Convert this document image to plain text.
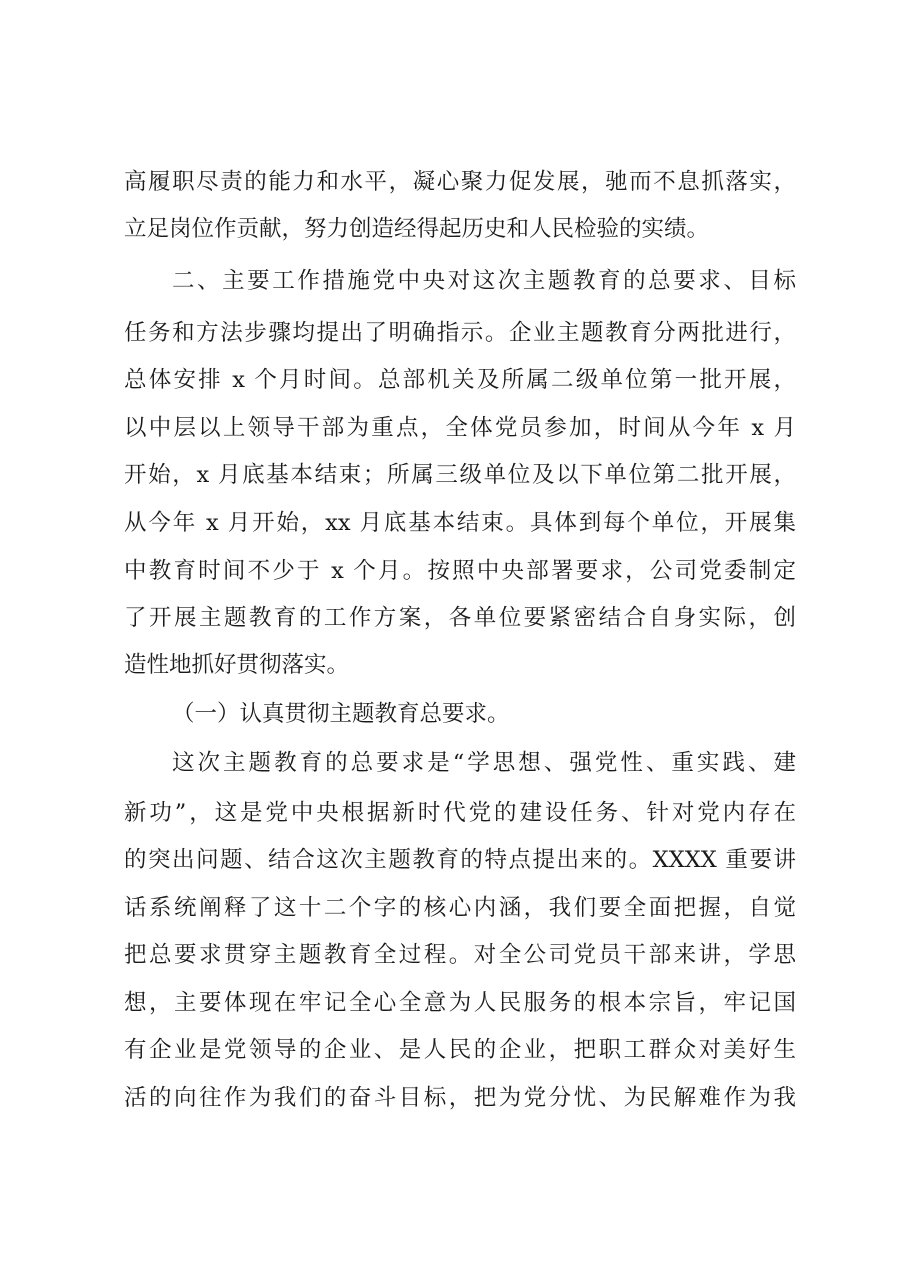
高履职尽责的能力和水平，凝心聚力促发展，驰而不息抓落实，
立足岗位作贡献，努力创造经得起历史和人民检验的实绩。
二、主要工作措施党中央对这次主题教育的总要求、目标
任务和方法步骤均提出了明确指示。企业主题教育分两批进行，
总体安排 x 个月时间。总部机关及所属二级单位第一批开展，
以中层以上领导干部为重点，全体党员参加，时间从今年 x 月
开始，x 月底基本结束；所属三级单位及以下单位第二批开展，
从今年 x 月开始，xx 月底基本结束。具体到每个单位，开展集
中教育时间不少于 x 个月。按照中央部署要求，公司党委制定
了开展主题教育的工作方案，各单位要紧密结合自身实际，创
造性地抓好贯彻落实。
（一）认真贯彻主题教育总要求。
这次主题教育的总要求是“学思想、强党性、重实践、建
新功”，这是党中央根据新时代党的建设任务、针对党内存在
的突出问题、结合这次主题教育的特点提出来的。XXXX 重要讲
话系统阐释了这十二个字的核心内涵，我们要全面把握，自觉
把总要求贯穿主题教育全过程。对全公司党员干部来讲，学思
想，主要体现在牢记全心全意为人民服务的根本宗旨，牢记国
有企业是党领导的企业、是人民的企业，把职工群众对美好生
活的向往作为我们的奋斗目标，把为党分忧、为民解难作为我
